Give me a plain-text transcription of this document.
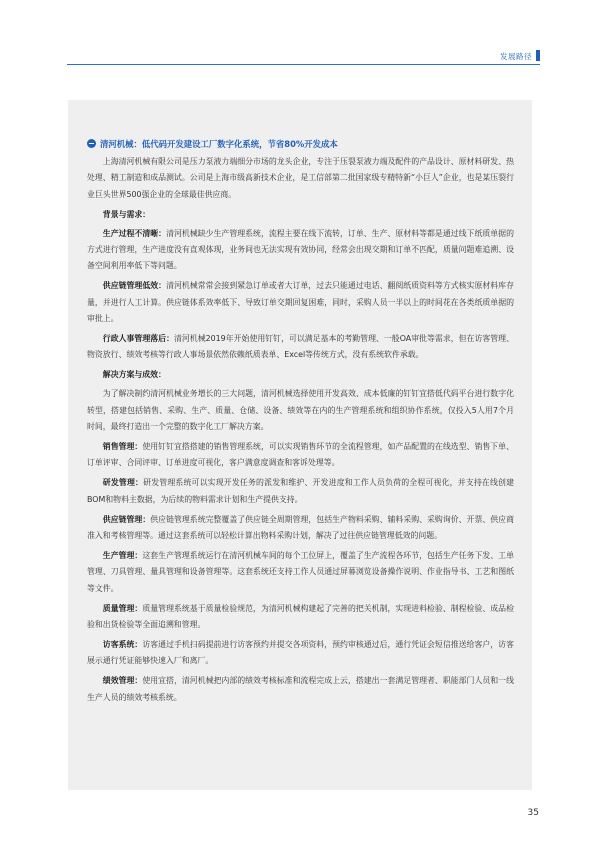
发展路径
清河机械：低代码开发建设工厂数字化系统，节省80%开发成本

上海清河机械有限公司是压力泵液力端细分市场的龙头企业，专注于压裂泵液力端及配件的产品设计、原材料研发、热处理、精工制造和成品测试。公司是上海市级高新技术企业，是工信部第二批国家级专精特新“小巨人”企业，也是某压裂行业巨头世界500强企业的全球最佳供应商。

背景与需求：

生产过程不清晰：清河机械缺少生产管理系统，流程主要在线下流转，订单、生产、原材料等都是通过线下纸质单据的方式进行管理，生产进度没有直观体现，业务间也无法实现有效协同，经常会出现交期和订单不匹配，质量问题难追溯、设备空间利用率低下等问题。

供应链管理低效：清河机械常常会接到紧急订单或者大订单，过去只能通过电话、翻阅纸质资料等方式核实原材料库存量，并进行人工计算。供应链体系效率低下、导致订单交期回复困难，同时，采购人员一半以上的时间花在各类纸质单据的审批上。

行政人事管理落后：清河机械2019年开始使用钉钉，可以满足基本的考勤管理、一般OA审批等需求，但在访客管理、物资放行、绩效考核等行政人事场景依然依赖纸质表单、Excel等传统方式，没有系统软件承载。

解决方案与成效：

为了解决制约清河机械业务增长的三大问题，清河机械选择使用开发高效、成本低廉的钉钉宜搭低代码平台进行数字化转型，搭建包括销售、采购、生产、质量、仓储、设备、绩效等在内的生产管理系统和组织协作系统，仅投入5人用7个月时间，最终打造出一个完整的数字化工厂解决方案。

销售管理：使用钉钉宜搭搭建的销售管理系统，可以实现销售环节的全流程管理，如产品配置的在线选型、销售下单、订单评审、合同评审、订单进度可视化，客户满意度调查和客诉处理等。

研发管理：研发管理系统可以实现开发任务的派发和维护、开发进度和工作人员负荷的全程可视化，并支持在线创建BOM和物料主数据，为后续的物料需求计划和生产提供支持。

供应链管理：供应链管理系统完整覆盖了供应链全周期管理，包括生产物料采购、辅料采购、采购询价、开票、供应商准入和考核管理等。通过这套系统可以轻松计算出物料采购计划，解决了过往供应链管理低效的问题。

生产管理：这套生产管理系统运行在清河机械车间的每个工位屏上，覆盖了生产流程各环节，包括生产任务下发、工单管理、刀具管理、量具管理和设备管理等。这套系统还支持工作人员通过屏幕浏览设备操作说明、作业指导书、工艺和图纸等文件。

质量管理：质量管理系统基于质量检验规范，为清河机械构建起了完善的把关机制，实现进料检验、制程检验、成品检验和出货检验等全面追溯和管理。

访客系统：访客通过手机扫码提前进行访客预约并提交各项资料，预约审核通过后，通行凭证会短信推送给客户，访客展示通行凭证能够快速入厂和离厂。

绩效管理：使用宜搭，清河机械把内部的绩效考核标准和流程完成上云，搭建出一套满足管理者、职能部门人员和一线生产人员的绩效考核系统。

35
